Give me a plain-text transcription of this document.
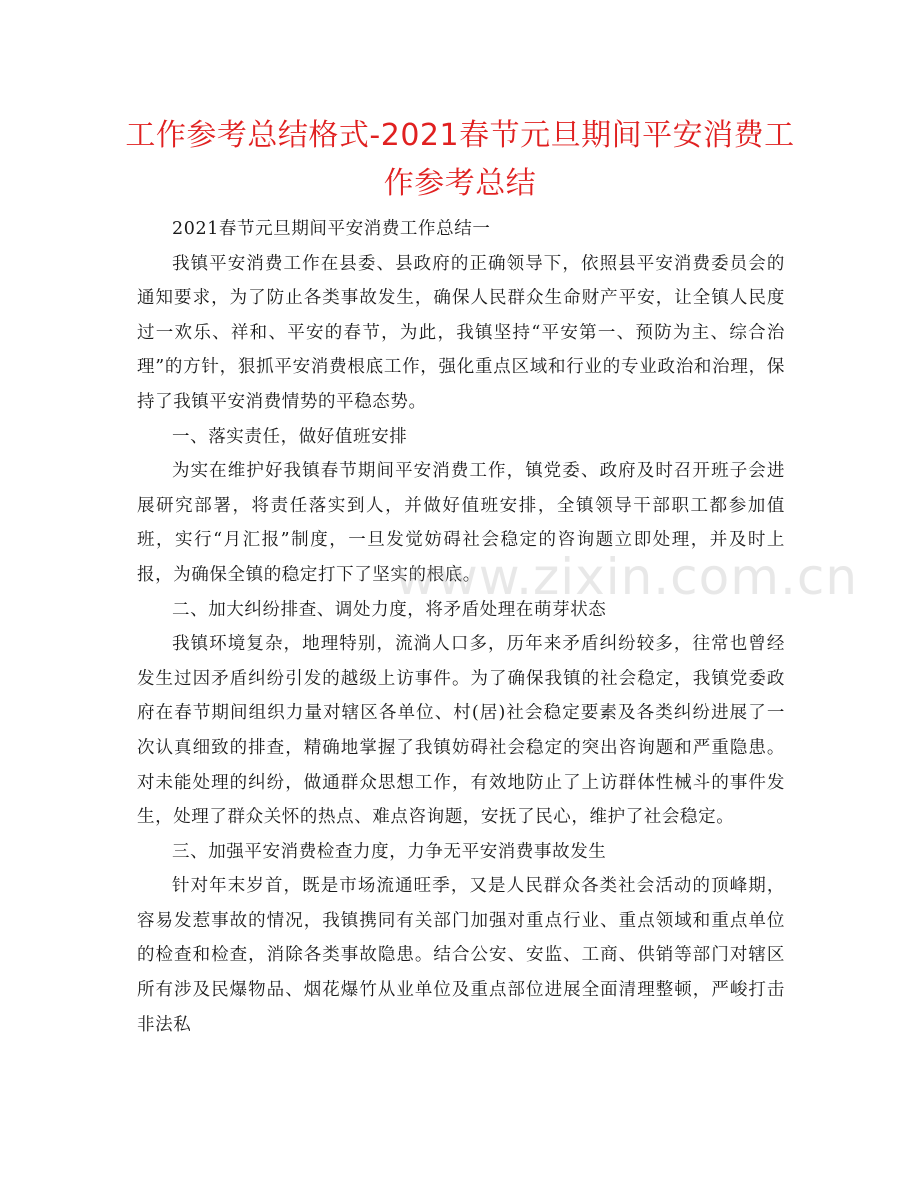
工作参考总结格式-2021春节元旦期间平安消费工作参考总结

2021春节元旦期间平安消费工作总结一

我镇平安消费工作在县委、县政府的正确领导下，依照县平安消费委员会的通知要求，为了防止各类事故发生，确保人民群众生命财产平安，让全镇人民度过一欢乐、祥和、平安的春节，为此，我镇坚持“平安第一、预防为主、综合治理”的方针，狠抓平安消费根底工作，强化重点区域和行业的专业政治和治理，保持了我镇平安消费情势的平稳态势。

一、落实责任，做好值班安排

为实在维护好我镇春节期间平安消费工作，镇党委、政府及时召开班子会进展研究部署，将责任落实到人，并做好值班安排，全镇领导干部职工都参加值班，实行“月汇报”制度，一旦发觉妨碍社会稳定的咨询题立即处理，并及时上报，为确保全镇的稳定打下了坚实的根底。

二、加大纠纷排查、调处力度，将矛盾处理在萌芽状态

我镇环境复杂，地理特别，流淌人口多，历年来矛盾纠纷较多，往常也曾经发生过因矛盾纠纷引发的越级上访事件。为了确保我镇的社会稳定，我镇党委政府在春节期间组织力量对辖区各单位、村(居)社会稳定要素及各类纠纷进展了一次认真细致的排查，精确地掌握了我镇妨碍社会稳定的突出咨询题和严重隐患。对未能处理的纠纷，做通群众思想工作，有效地防止了上访群体性械斗的事件发生，处理了群众关怀的热点、难点咨询题，安抚了民心，维护了社会稳定。

三、加强平安消费检查力度，力争无平安消费事故发生

针对年末岁首，既是市场流通旺季，又是人民群众各类社会活动的顶峰期，容易发惹事故的情况，我镇携同有关部门加强对重点行业、重点领域和重点单位的检查和检查，消除各类事故隐患。结合公安、安监、工商、供销等部门对辖区所有涉及民爆物品、烟花爆竹从业单位及重点部位进展全面清理整顿，严峻打击非法私

www.zixin.com.cn
